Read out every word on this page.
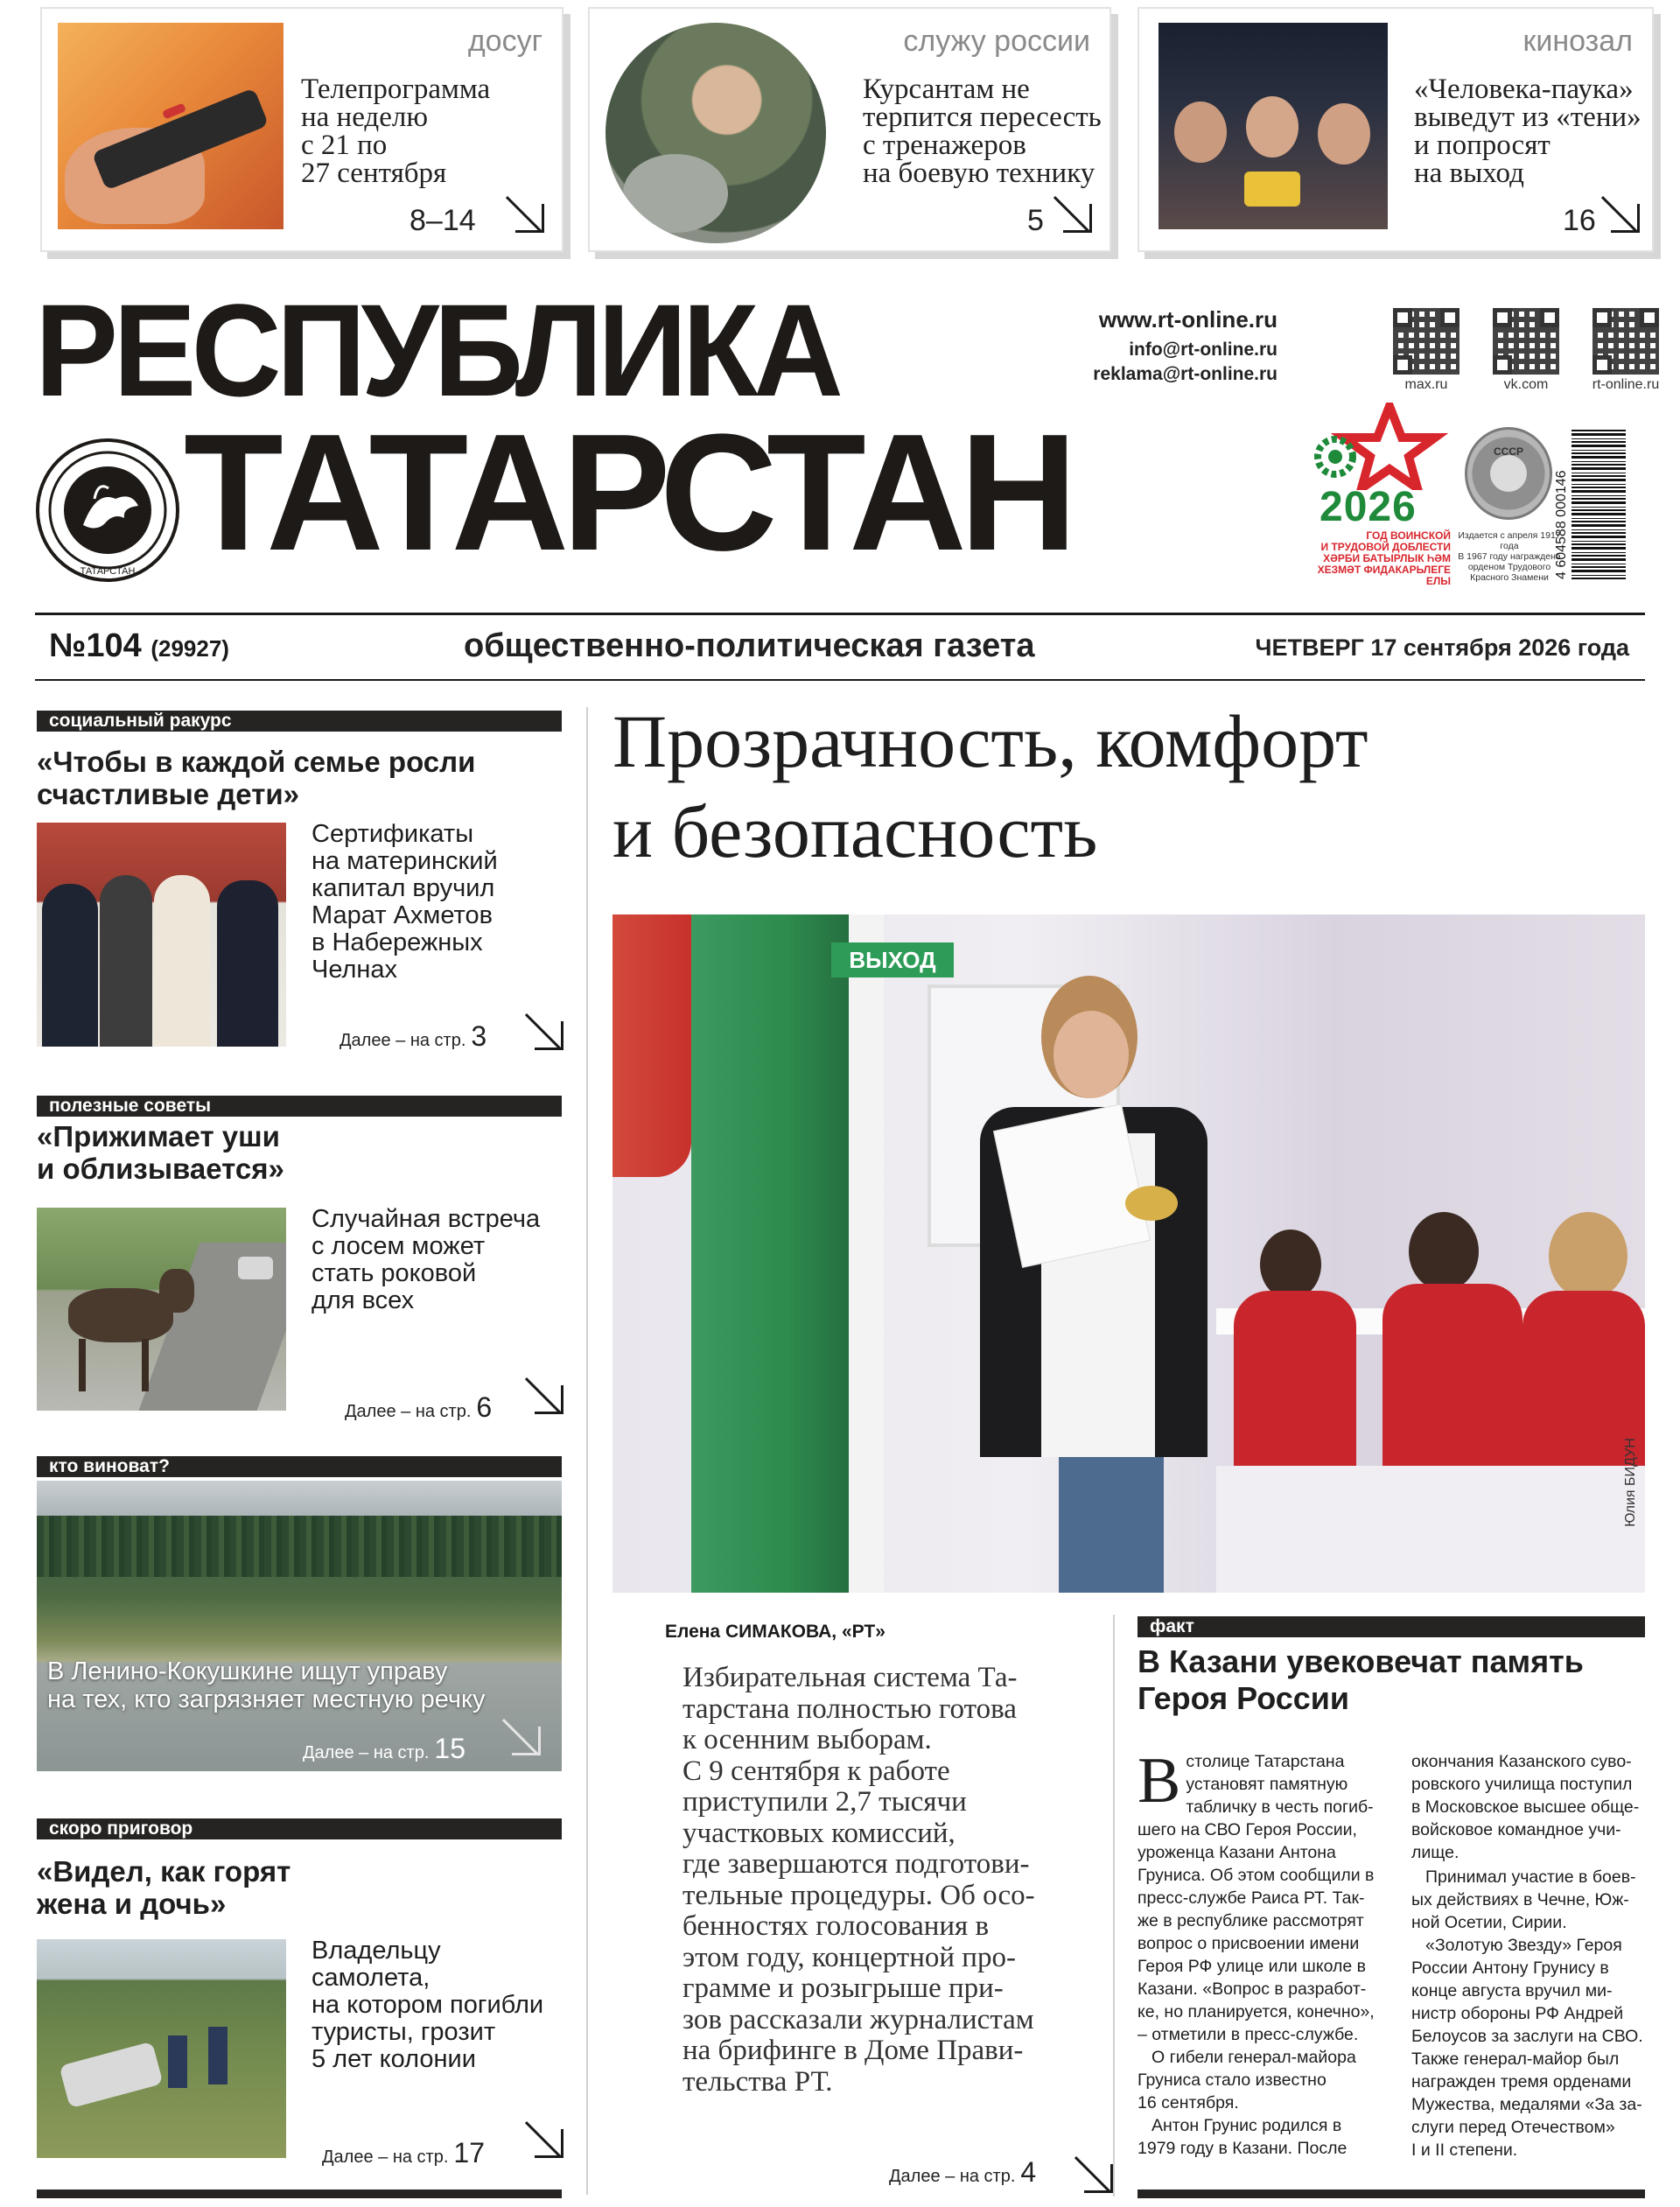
досуг
Телепрограмма
на неделю
с 21 по
27 сентября
8–14
служу россии
Курсантам не
терпится пересесть
с тренажеров
на боевую технику
5
кинозал
«Человека-паука»
выведут из «тени»
и попросят
на выход
16
РЕСПУБЛИКА
ТАТАРСТАН
ТАТАРСТАН
www.rt-online.ru
info@rt-online.ru
reklama@rt-online.ru
max.ru	vk.com	rt-online.ru
2026
ГОД ВОИНСКОЙ
И ТРУДОВОЙ ДОБЛЕСТИ
ХӘРБИ БАТЫРЛЫК ҺӘМ
ХЕЗМӘТ ФИДАКАРЬЛЕГЕ ЕЛЫ
СССР
Издается с апреля 1917 года
В 1967 году награждена
орденом Трудового
Красного Знамени 4 604588 000146
№104 (29927)	общественно-политическая газета	ЧЕТВЕРГ 17 сентября 2026 года
социальный ракурс
«Чтобы в каждой семье росли
счастливые дети»
Сертификаты
на материнский
капитал вручил
Марат Ахметов
в Набережных
Челнах
Далее – на стр. 3
полезные советы
«Прижимает уши
и облизывается»
Случайная встреча
с лосем может
стать роковой
для всех
Далее – на стр. 6
кто виноват?
В Ленино-Кокушкине ищут управу
на тех, кто загрязняет местную речку
Далее – на стр. 15
скоро приговор
«Видел, как горят
жена и дочь»
Владельцу
самолета,
на котором погибли
туристы, грозит
5 лет колонии
Далее – на стр. 17
Прозрачность, комфорт
и безопасность
ВЫХОД
Юлия БИДУН
Елена СИМАКОВА, «РТ»
Избирательная система Та-
тарстана полностью готова
к осенним выборам.
С 9 сентября к работе
приступили 2,7 тысячи
участковых комиссий,
где завершаются подготови-
тельные процедуры. Об осо-
бенностях голосования в
этом году, концертной про-
грамме и розыгрыше при-
зов рассказали журналистам
на брифинге в Доме Прави-
тельства РТ.
Далее – на стр. 4
факт
В Казани увековечат память
Героя России
В столице Татарстана
установят памятную
табличку в честь погиб-
шего на СВО Героя России,
уроженца Казани Антона
Груниса. Об этом сообщили в
пресс-службе Раиса РТ. Так-
же в республике рассмотрят
вопрос о присвоении имени
Героя РФ улице или школе в
Казани. «Вопрос в разработ-
ке, но планируется, конечно»,
– отметили в пресс-службе.
О гибели генерал-майора
Груниса стало известно
16 сентября.
Антон Грунис родился в
1979 году в Казани. После
окончания Казанского суво-
ровского училища поступил
в Московское высшее обще-
войсковое командное учи-
лище.
Принимал участие в боев-
ых действиях в Чечне, Юж-
ной Осетии, Сирии.
«Золотую Звезду» Героя
России Антону Грунису в
конце августа вручил ми-
нистр обороны РФ Андрей
Белоусов за заслуги на СВО.
Также генерал-майор был
награжден тремя орденами
Мужества, медалями «За за-
слуги перед Отечеством»
I и II степени.
